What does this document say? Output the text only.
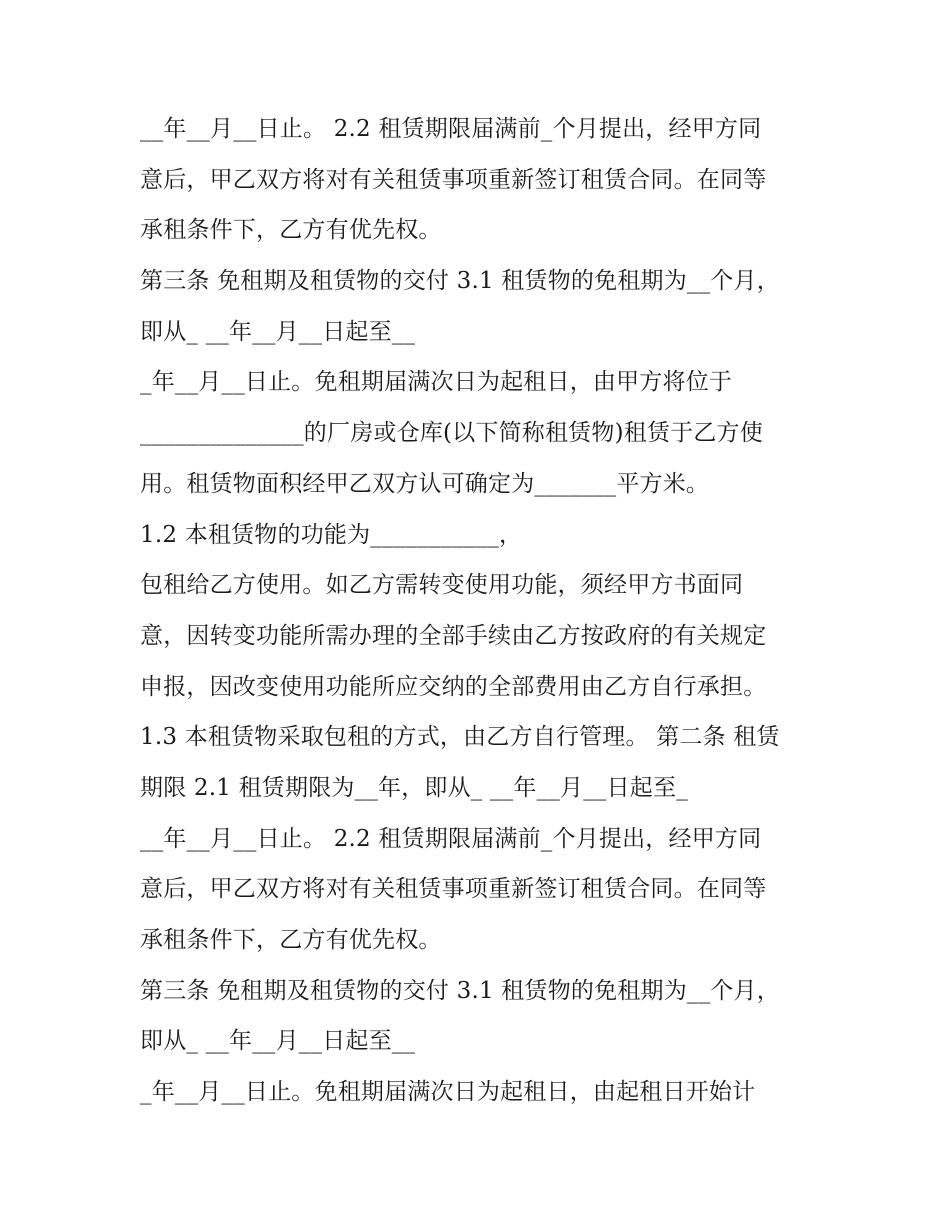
__年__月__日止。 2.2 租赁期限届满前_个月提出，经甲方同
意后，甲乙双方将对有关租赁事项重新签订租赁合同。在同等
承租条件下，乙方有优先权。
第三条 免租期及租赁物的交付 3.1 租赁物的免租期为__个月，
即从_ __年__月__日起至__
_年__月__日止。免租期届满次日为起租日，由甲方将位于
______________的厂房或仓库(以下简称租赁物)租赁于乙方使
用。租赁物面积经甲乙双方认可确定为_______平方米。
1.2 本租赁物的功能为___________，
包租给乙方使用。如乙方需转变使用功能，须经甲方书面同
意，因转变功能所需办理的全部手续由乙方按政府的有关规定
申报，因改变使用功能所应交纳的全部费用由乙方自行承担。
1.3 本租赁物采取包租的方式，由乙方自行管理。 第二条 租赁
期限 2.1 租赁期限为__年，即从_ __年__月__日起至_
__年__月__日止。 2.2 租赁期限届满前_个月提出，经甲方同
意后，甲乙双方将对有关租赁事项重新签订租赁合同。在同等
承租条件下，乙方有优先权。
第三条 免租期及租赁物的交付 3.1 租赁物的免租期为__个月，
即从_ __年__月__日起至__
_年__月__日止。免租期届满次日为起租日，由起租日开始计
